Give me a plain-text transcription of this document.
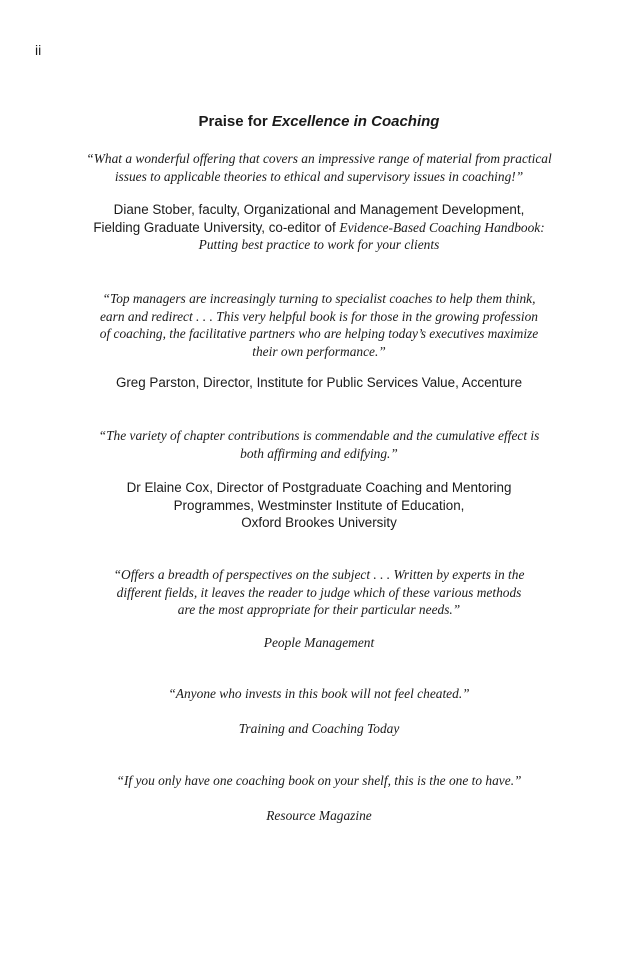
ii
Praise for Excellence in Coaching
“What a wonderful offering that covers an impressive range of material from practical
issues to applicable theories to ethical and supervisory issues in coaching!”
Diane Stober, faculty, Organizational and Management Development,
Fielding Graduate University, co-editor of Evidence-Based Coaching Handbook:
Putting best practice to work for your clients
“Top managers are increasingly turning to specialist coaches to help them think,
earn and redirect . . . This very helpful book is for those in the growing profession
of coaching, the facilitative partners who are helping today’s executives maximize
their own performance.”
Greg Parston, Director, Institute for Public Services Value, Accenture
“The variety of chapter contributions is commendable and the cumulative effect is
both affirming and edifying.”
Dr Elaine Cox, Director of Postgraduate Coaching and Mentoring
Programmes, Westminster Institute of Education,
Oxford Brookes University
“Offers a breadth of perspectives on the subject . . . Written by experts in the
different fields, it leaves the reader to judge which of these various methods
are the most appropriate for their particular needs.”
People Management
“Anyone who invests in this book will not feel cheated.”
Training and Coaching Today
“If you only have one coaching book on your shelf, this is the one to have.”
Resource Magazine
